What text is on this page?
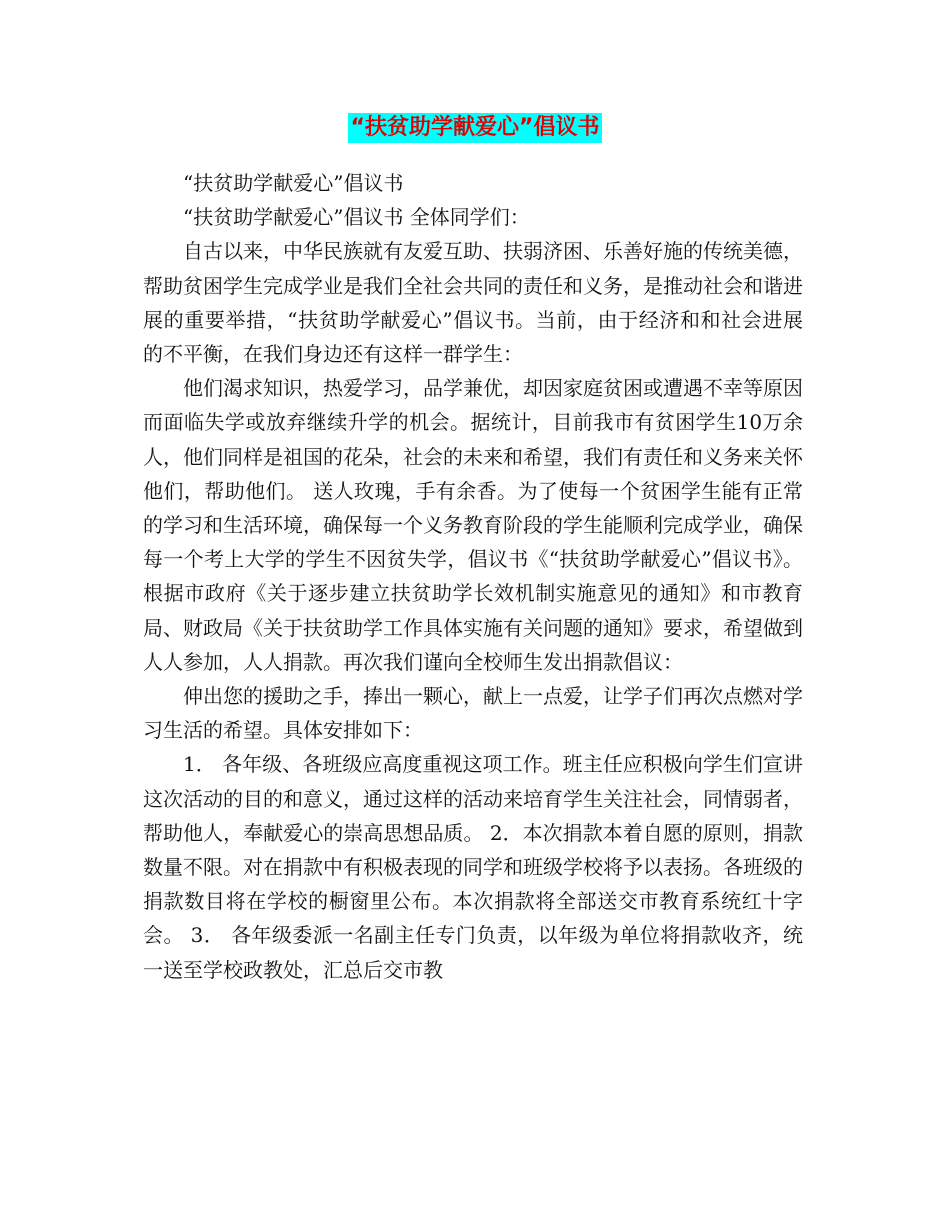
“扶贫助学献爱心”倡议书

“扶贫助学献爱心”倡议书

“扶贫助学献爱心”倡议书 全体同学们：

自古以来，中华民族就有友爱互助、扶弱济困、乐善好施的传统美德，帮助贫困学生完成学业是我们全社会共同的责任和义务，是推动社会和谐进展的重要举措，“扶贫助学献爱心”倡议书。当前，由于经济和和社会进展的不平衡，在我们身边还有这样一群学生：

他们渴求知识，热爱学习，品学兼优，却因家庭贫困或遭遇不幸等原因而面临失学或放弃继续升学的机会。据统计，目前我市有贫困学生10万余人，他们同样是祖国的花朵，社会的未来和希望，我们有责任和义务来关怀他们，帮助他们。 送人玫瑰，手有余香。为了使每一个贫困学生能有正常的学习和生活环境，确保每一个义务教育阶段的学生能顺利完成学业，确保每一个考上大学的学生不因贫失学，倡议书《“扶贫助学献爱心”倡议书》。根据市政府《关于逐步建立扶贫助学长效机制实施意见的通知》和市教育局、财政局《关于扶贫助学工作具体实施有关问题的通知》要求，希望做到人人参加，人人捐款。再次我们谨向全校师生发出捐款倡议：

伸出您的援助之手，捧出一颗心，献上一点爱，让学子们再次点燃对学习生活的希望。具体安排如下：

1． 各年级、各班级应高度重视这项工作。班主任应积极向学生们宣讲这次活动的目的和意义，通过这样的活动来培育学生关注社会，同情弱者，帮助他人，奉献爱心的崇高思想品质。 2．本次捐款本着自愿的原则，捐款数量不限。对在捐款中有积极表现的同学和班级学校将予以表扬。各班级的捐款数目将在学校的橱窗里公布。本次捐款将全部送交市教育系统红十字会。 3． 各年级委派一名副主任专门负责，以年级为单位将捐款收齐，统一送至学校政教处，汇总后交市教
